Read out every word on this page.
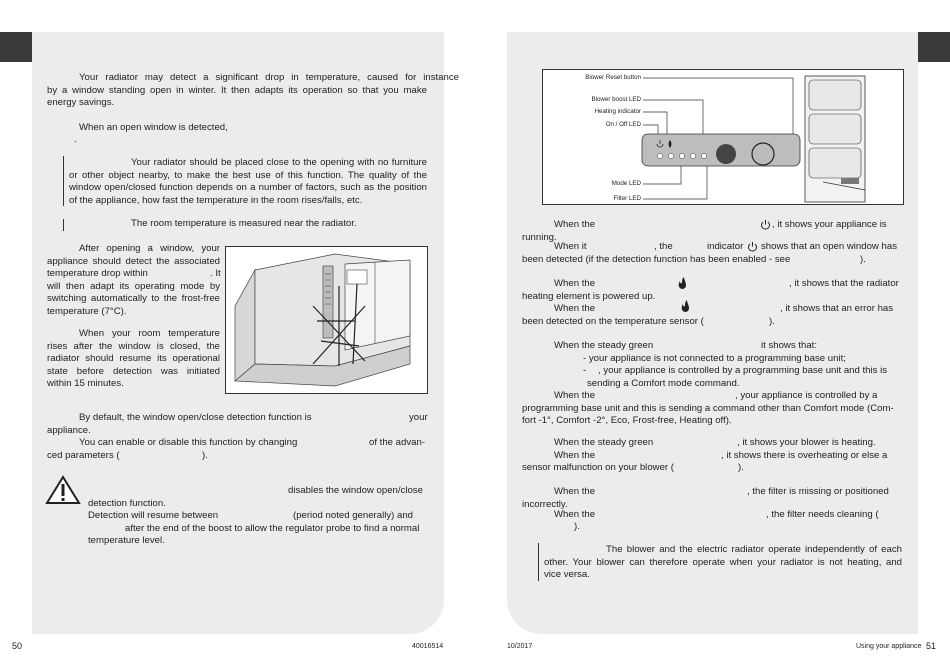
Your radiator may detect a significant drop in temperature, caused for instance

by a window standing open in winter. It then adapts its operation so that you make

energy savings.

When an open window is detected,

.

Your radiator should be placed close to the opening with no furniture

or other object nearby, to make the best use of this function. The quality of the

window open/closed function depends on a number of factors, such as the position

of the appliance, how fast the temperature in the room rises/falls, etc.

The room temperature is measured near the radiator.

After opening a window, your

appliance should detect the associated

temperature drop within	. It

will then adapt its operating mode by

switching automatically to the frost-free

temperature (7°C).

When your room temperature

rises after the window is closed, the

radiator should resume its operational

state before detection was initiated

within 15 minutes.

By default, the window open/close detection function is	your

appliance.

You can enable or disable this function by changing	of the advan-

ced parameters (	).

disables the window open/close

detection function.

Detection will resume between	(period noted generally) and

after the end of the boost to allow the regulator probe to find a normal

temperature level.

50	40016514
Blower Reset button
Blower boost LED
Heating indicator
On / Off LED
Mode LED
Filter LED

When the	, it shows your appliance is

running.

When it	, the	indicator shows that an open window has

been detected (if the detection function has been enabled - see	).

When the	, it shows that the radiator

heating element is powered up.

When the	, it shows that an error has

been detected on the temperature sensor (	).

When the steady green	it shows that:

- your appliance is not connected to a programming base unit;

- , your appliance is controlled by a programming base unit and this is

sending a Comfort mode command.

When the	, your appliance is controlled by a

programming base unit and this is sending a command other than Comfort mode (Com-

fort -1°, Comfort -2°, Eco, Frost-free, Heating off).

When the steady green	, it shows your blower is heating.

When the	, it shows there is overheating or else a

sensor malfunction on your blower (	).

When the	, the filter is missing or positioned

incorrectly.

When the	, the filter needs cleaning (

).

The blower and the electric radiator operate independently of each

other. Your blower can therefore operate when your radiator is not heating, and

vice versa.

10/2017	Using your appliance 51
